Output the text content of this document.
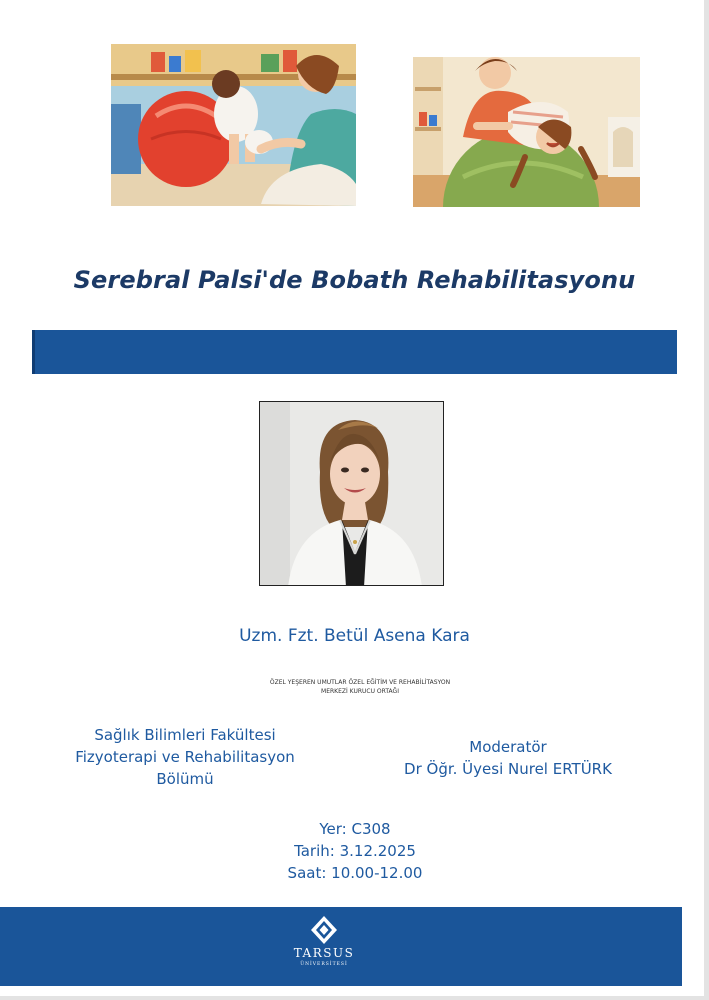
Serebral Palsi'de Bobath Rehabilitasyonu
Uzm. Fzt. Betül Asena Kara
ÖZEL YEŞEREN UMUTLAR ÖZEL EĞİTİM VE REHABİLİTASYON
MERKEZİ KURUCU ORTAĞI
Sağlık Bilimleri Fakültesi
Fizyoterapi ve Rehabilitasyon
Bölümü
Moderatör
Dr Öğr. Üyesi Nurel ERTÜRK
Yer: C308
Tarih: 3.12.2025
Saat: 10.00-12.00
TARSUS
ÜNİVERSİTESİ
